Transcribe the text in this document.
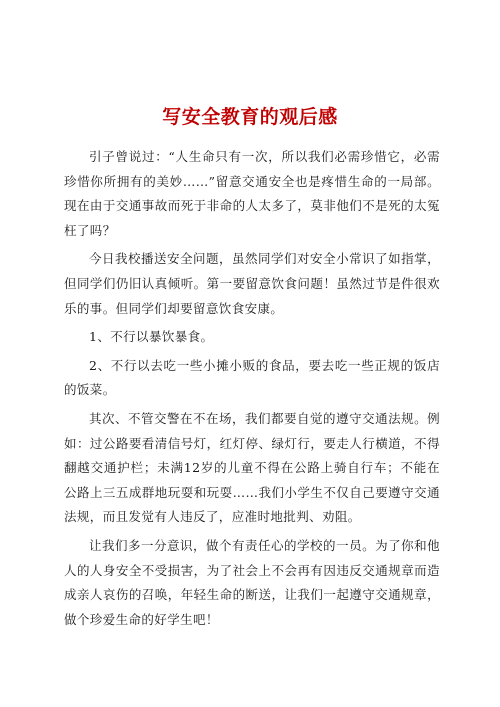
写安全教育的观后感

引子曾说过：“人生命只有一次，所以我们必需珍惜它，必需珍惜你所拥有的美妙……”留意交通安全也是疼惜生命的一局部。现在由于交通事故而死于非命的人太多了，莫非他们不是死的太冤枉了吗？

今日我校播送安全问题，虽然同学们对安全小常识了如指掌，但同学们仍旧认真倾听。第一要留意饮食问题！虽然过节是件很欢乐的事。但同学们却要留意饮食安康。

1、不行以暴饮暴食。

2、不行以去吃一些小摊小贩的食品，要去吃一些正规的饭店的饭菜。

其次、不管交警在不在场，我们都要自觉的遵守交通法规。例如：过公路要看清信号灯，红灯停、绿灯行，要走人行横道，不得翻越交通护栏；未满12岁的儿童不得在公路上骑自行车；不能在公路上三五成群地玩耍和玩耍……我们小学生不仅自己要遵守交通法规，而且发觉有人违反了，应准时地批判、劝阻。

让我们多一分意识，做个有责任心的学校的一员。为了你和他人的人身安全不受损害，为了社会上不会再有因违反交通规章而造成亲人哀伤的召唤，年轻生命的断送，让我们一起遵守交通规章，做个珍爱生命的好学生吧！
